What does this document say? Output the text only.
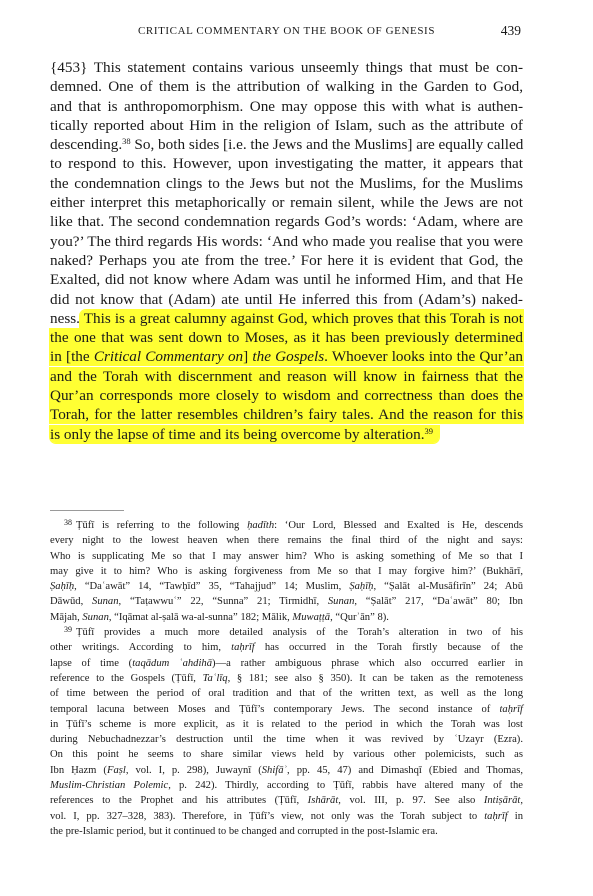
CRITICAL COMMENTARY ON THE BOOK OF GENESIS	439
{453} This statement contains various unseemly things that must be con-
demned. One of them is the attribution of walking in the Garden to God,
and that is anthropomorphism. One may oppose this with what is authen-
tically reported about Him in the religion of Islam, such as the attribute of
descending.$^{38}$ So, both sides [i.e. the Jews and the Muslims] are equally called
to respond to this. However, upon investigating the matter, it appears that
the condemnation clings to the Jews but not the Muslims, for the Muslims
either interpret this metaphorically or remain silent, while the Jews are not
like that. The second condemnation regards God’s words: ‘Adam, where are
you?’ The third regards His words: ‘And who made you realise that you were
naked? Perhaps you ate from the tree.’ For here it is evident that God, the
Exalted, did not know where Adam was until he informed Him, and that He
did not know that (Adam) ate until He inferred this from (Adam’s) naked-
ness. This is a great calumny against God, which proves that this Torah is not
the one that was sent down to Moses, as it has been previously determined
in [the Critical Commentary on] the Gospels. Whoever looks into the Qur’an
and the Torah with discernment and reason will know in fairness that the
Qur’an corresponds more closely to wisdom and correctness than does the
Torah, for the latter resembles children’s fairy tales. And the reason for this
is only the lapse of time and its being overcome by alteration.$^{39}$
$^{38}$ Ṭūfī is referring to the following ḥadīth: ‘Our Lord, Blessed and Exalted is He, descends
every night to the lowest heaven when there remains the final third of the night and says:
Who is supplicating Me so that I may answer him? Who is asking something of Me so that I
may give it to him? Who is asking forgiveness from Me so that I may forgive him?’ (Bukhārī,
Ṣaḥīḥ, “Daʿawāt” 14, “Tawḥīd” 35, “Tahajjud” 14; Muslim, Ṣaḥīḥ, “Ṣalāt al-Musāfirīn” 24; Abū
Dāwūd, Sunan, “Taṭawwuʿ” 22, “Sunna” 21; Tirmidhī, Sunan, “Ṣalāt” 217, “Daʿawāt” 80; Ibn
Mājah, Sunan, “Iqāmat al-ṣalā wa-al-sunna” 182; Mālik, Muwaṭṭā, “Qurʾān” 8).
$^{39}$ Ṭūfī provides a much more detailed analysis of the Torah’s alteration in two of his
other writings. According to him, taḥrīf has occurred in the Torah firstly because of the
lapse of time (taqādum ʿahdihā)—a rather ambiguous phrase which also occurred earlier in
reference to the Gospels (Ṭūfī, Taʿlīq, § 181; see also § 350). It can be taken as the remoteness
of time between the period of oral tradition and that of the written text, as well as the long
temporal lacuna between Moses and Ṭūfī’s contemporary Jews. The second instance of taḥrīf
in Ṭūfī’s scheme is more explicit, as it is related to the period in which the Torah was lost
during Nebuchadnezzar’s destruction until the time when it was revived by ʿUzayr (Ezra).
On this point he seems to share similar views held by various other polemicists, such as
Ibn Ḥazm (Faṣl, vol. I, p. 298), Juwaynī (Shifāʾ, pp. 45, 47) and Dimashqī (Ebied and Thomas,
Muslim-Christian Polemic, p. 242). Thirdly, according to Ṭūfī, rabbis have altered many of the
references to the Prophet and his attributes (Ṭūfī, Ishārāt, vol. III, p. 97. See also Intiṣārāt,
vol. I, pp. 327–328, 383). Therefore, in Ṭūfī’s view, not only was the Torah subject to taḥrīf in
the pre-Islamic period, but it continued to be changed and corrupted in the post-Islamic era.
